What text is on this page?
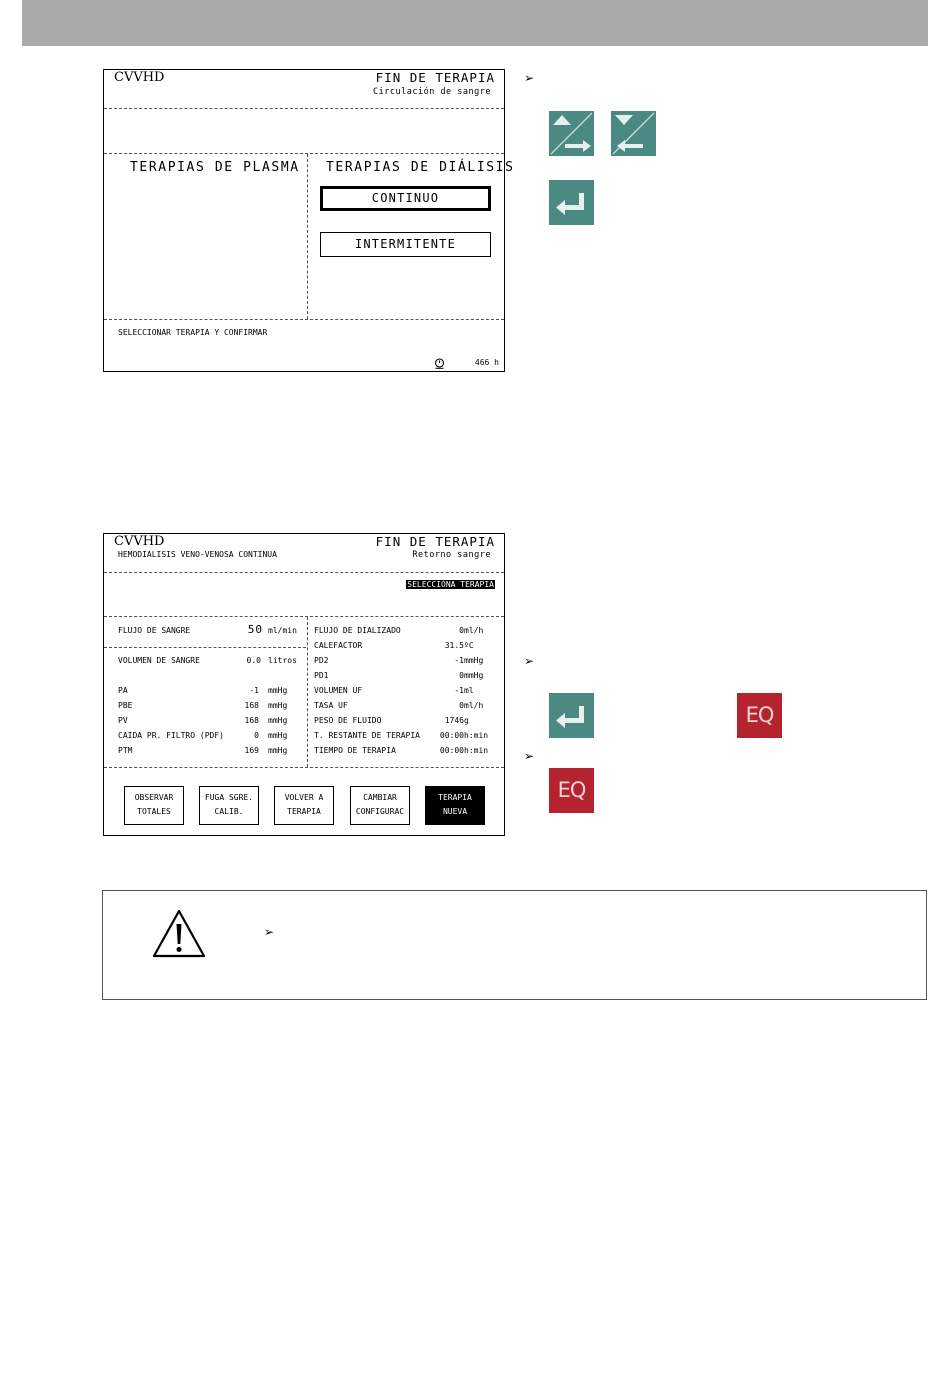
CVVHD	FIN DE TERAPIA
Circulación de sangre
TERAPIAS DE PLASMA TERAPIAS DE DIÁLISIS
CONTINUO
INTERMITENTE
SELECCIONAR TERAPIA Y CONFIRMAR
466 h
➢
CVVHD
HEMODIALISIS VENO-VENOSA CONTINUA
FIN DE TERAPIA
Retorno sangre
SELECCIÓNA TERAPIA
FLUJO DE SANGRE	50 ml/min
VOLUMEN DE SANGRE	0.0 litros
PA	-1 mmHg
PBE	168 mmHg
PV	168 mmHg
CAIDA PR. FILTRO (PDF)	0 mmHg
PTM	169 mmHg
FLUJO DE DIALIZADO	0 ml/h
CALEFACTOR	31.5 ºC
PD2	-1 mmHg
PD1	0 mmHg
VOLUMEN UF	-1 ml
TASA UF	0 ml/h
PESO DE FLUIDO	1746 g
T. RESTANTE DE TERAPIA 00:00 h:min
TIEMPO DE TERAPIA	00:00 h:min
OBSERVAR
TOTALES
FUGA SGRE.
CALIB.
VOLVER A
TERAPIA
CAMBIAR
CONFIGURAC
TERAPIA
NUEVA
➢
EQ
➢
EQ
➢
